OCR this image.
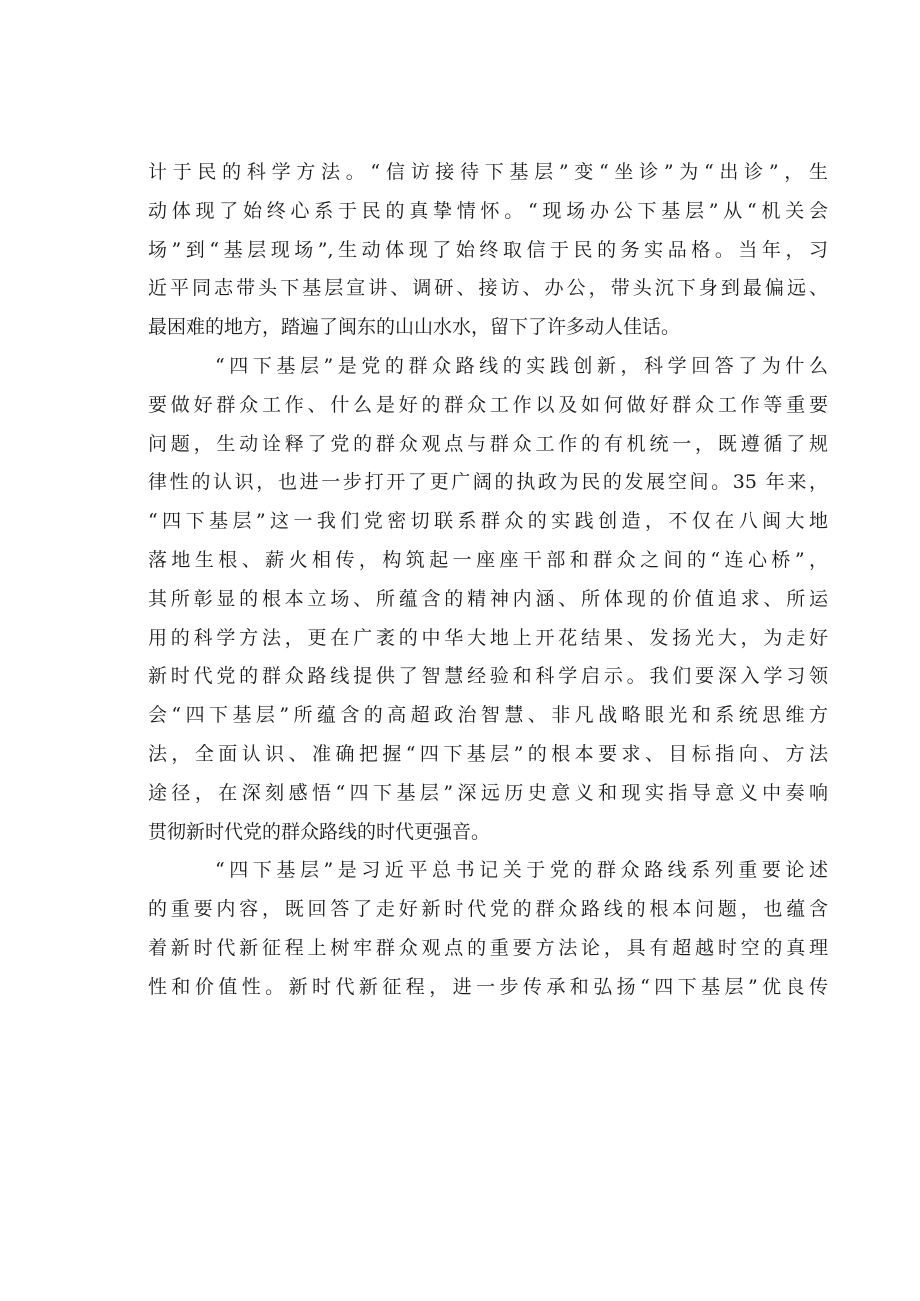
计于民的科学方法。“信访接待下基层”变“坐诊”为“出诊”，生
动体现了始终心系于民的真挚情怀。“现场办公下基层”从“机关会
场”到“基层现场”,生动体现了始终取信于民的务实品格。当年，习
近平同志带头下基层宣讲、调研、接访、办公，带头沉下身到最偏远、
最困难的地方，踏遍了闽东的山山水水，留下了许多动人佳话。
“四下基层”是党的群众路线的实践创新，科学回答了为什么
要做好群众工作、什么是好的群众工作以及如何做好群众工作等重要
问题，生动诠释了党的群众观点与群众工作的有机统一，既遵循了规
律性的认识，也进一步打开了更广阔的执政为民的发展空间。35 年来，
“四下基层”这一我们党密切联系群众的实践创造，不仅在八闽大地
落地生根、薪火相传，构筑起一座座干部和群众之间的“连心桥”，
其所彰显的根本立场、所蕴含的精神内涵、所体现的价值追求、所运
用的科学方法，更在广袤的中华大地上开花结果、发扬光大，为走好
新时代党的群众路线提供了智慧经验和科学启示。我们要深入学习领
会“四下基层”所蕴含的高超政治智慧、非凡战略眼光和系统思维方
法，全面认识、准确把握“四下基层”的根本要求、目标指向、方法
途径，在深刻感悟“四下基层”深远历史意义和现实指导意义中奏响
贯彻新时代党的群众路线的时代更强音。
“四下基层”是习近平总书记关于党的群众路线系列重要论述
的重要内容，既回答了走好新时代党的群众路线的根本问题，也蕴含
着新时代新征程上树牢群众观点的重要方法论，具有超越时空的真理
性和价值性。新时代新征程，进一步传承和弘扬“四下基层”优良传
